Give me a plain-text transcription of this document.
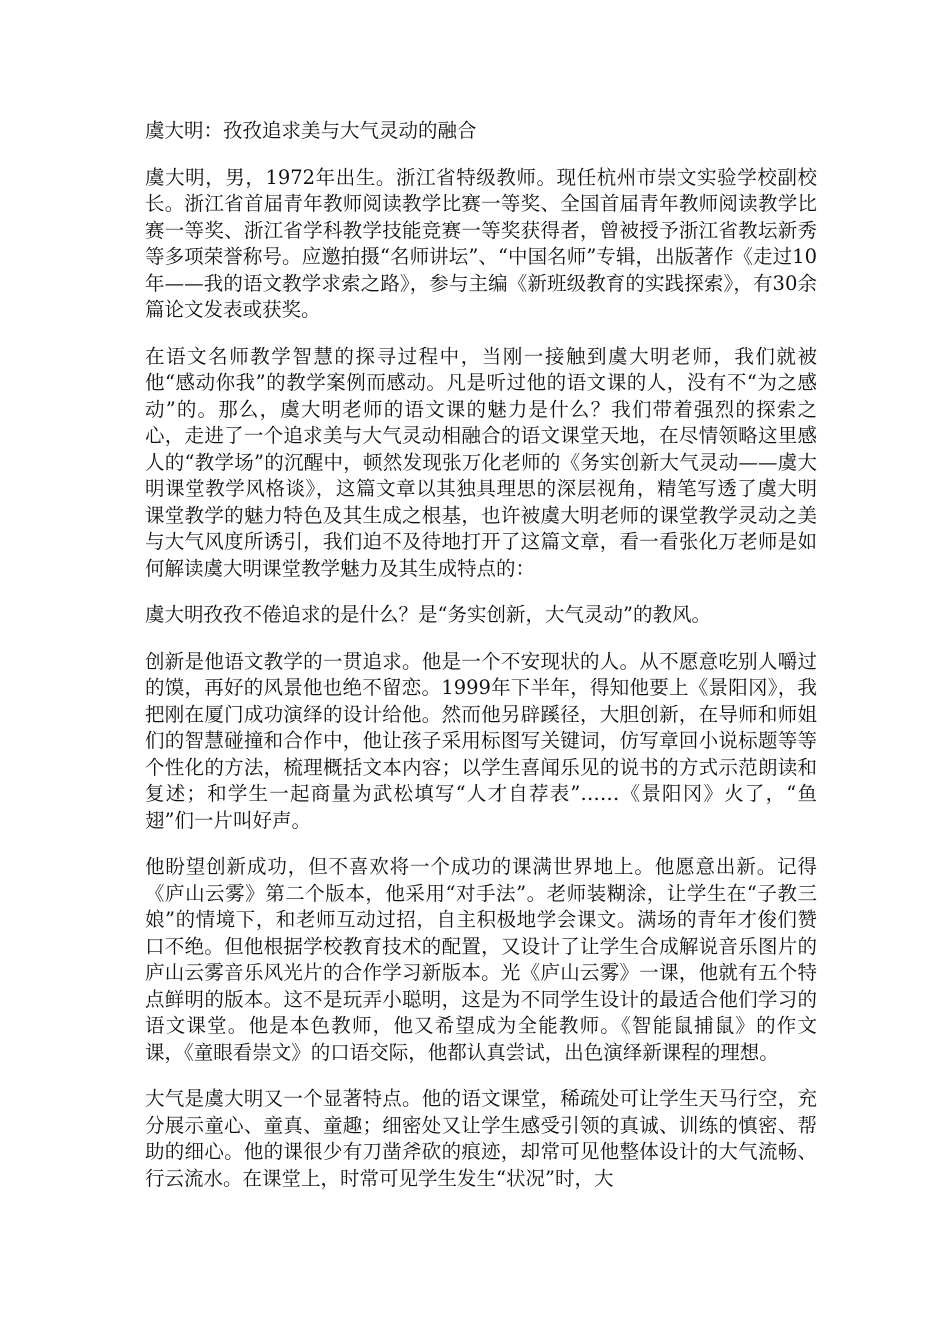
虞大明：孜孜追求美与大气灵动的融合
虞大明，男，1972年出生。浙江省特级教师。现任杭州市崇文实验学校副校长。浙江省首届青年教师阅读教学比赛一等奖、全国首届青年教师阅读教学比赛一等奖、浙江省学科教学技能竞赛一等奖获得者，曾被授予浙江省教坛新秀等多项荣誉称号。应邀拍摄“名师讲坛”、“中国名师”专辑，出版著作《走过10年——我的语文教学求索之路》，参与主编《新班级教育的实践探索》，有30余篇论文发表或获奖。
在语文名师教学智慧的探寻过程中，当刚一接触到虞大明老师，我们就被他“感动你我”的教学案例而感动。凡是听过他的语文课的人，没有不“为之感动”的。那么，虞大明老师的语文课的魅力是什么？我们带着强烈的探索之心，走进了一个追求美与大气灵动相融合的语文课堂天地，在尽情领略这里感人的“教学场”的沉醒中，顿然发现张万化老师的《务实创新大气灵动——虞大明课堂教学风格谈》，这篇文章以其独具理思的深层视角，精笔写透了虞大明课堂教学的魅力特色及其生成之根基，也许被虞大明老师的课堂教学灵动之美与大气风度所诱引，我们迫不及待地打开了这篇文章，看一看张化万老师是如何解读虞大明课堂教学魅力及其生成特点的：
虞大明孜孜不倦追求的是什么？是“务实创新，大气灵动”的教风。
创新是他语文教学的一贯追求。他是一个不安现状的人。从不愿意吃别人嚼过的馍，再好的风景他也绝不留恋。1999年下半年，得知他要上《景阳冈》，我把刚在厦门成功演绎的设计给他。然而他另辟蹊径，大胆创新，在导师和师姐们的智慧碰撞和合作中，他让孩子采用标图写关键词，仿写章回小说标题等等个性化的方法，梳理概括文本内容；以学生喜闻乐见的说书的方式示范朗读和复述；和学生一起商量为武松填写“人才自荐表”……《景阳冈》火了，“鱼翅”们一片叫好声。
他盼望创新成功，但不喜欢将一个成功的课满世界地上。他愿意出新。记得《庐山云雾》第二个版本，他采用“对手法”。老师装糊涂，让学生在“子教三娘”的情境下，和老师互动过招，自主积极地学会课文。满场的青年才俊们赞口不绝。但他根据学校教育技术的配置，又设计了让学生合成解说音乐图片的庐山云雾音乐风光片的合作学习新版本。光《庐山云雾》一课，他就有五个特点鲜明的版本。这不是玩弄小聪明，这是为不同学生设计的最适合他们学习的语文课堂。他是本色教师，他又希望成为全能教师。《智能鼠捕鼠》的作文课，《童眼看崇文》的口语交际，他都认真尝试，出色演绎新课程的理想。
大气是虞大明又一个显著特点。他的语文课堂，稀疏处可让学生天马行空，充分展示童心、童真、童趣；细密处又让学生感受引领的真诚、训练的慎密、帮助的细心。他的课很少有刀凿斧砍的痕迹，却常可见他整体设计的大气流畅、行云流水。在课堂上，时常可见学生发生“状况”时，大
